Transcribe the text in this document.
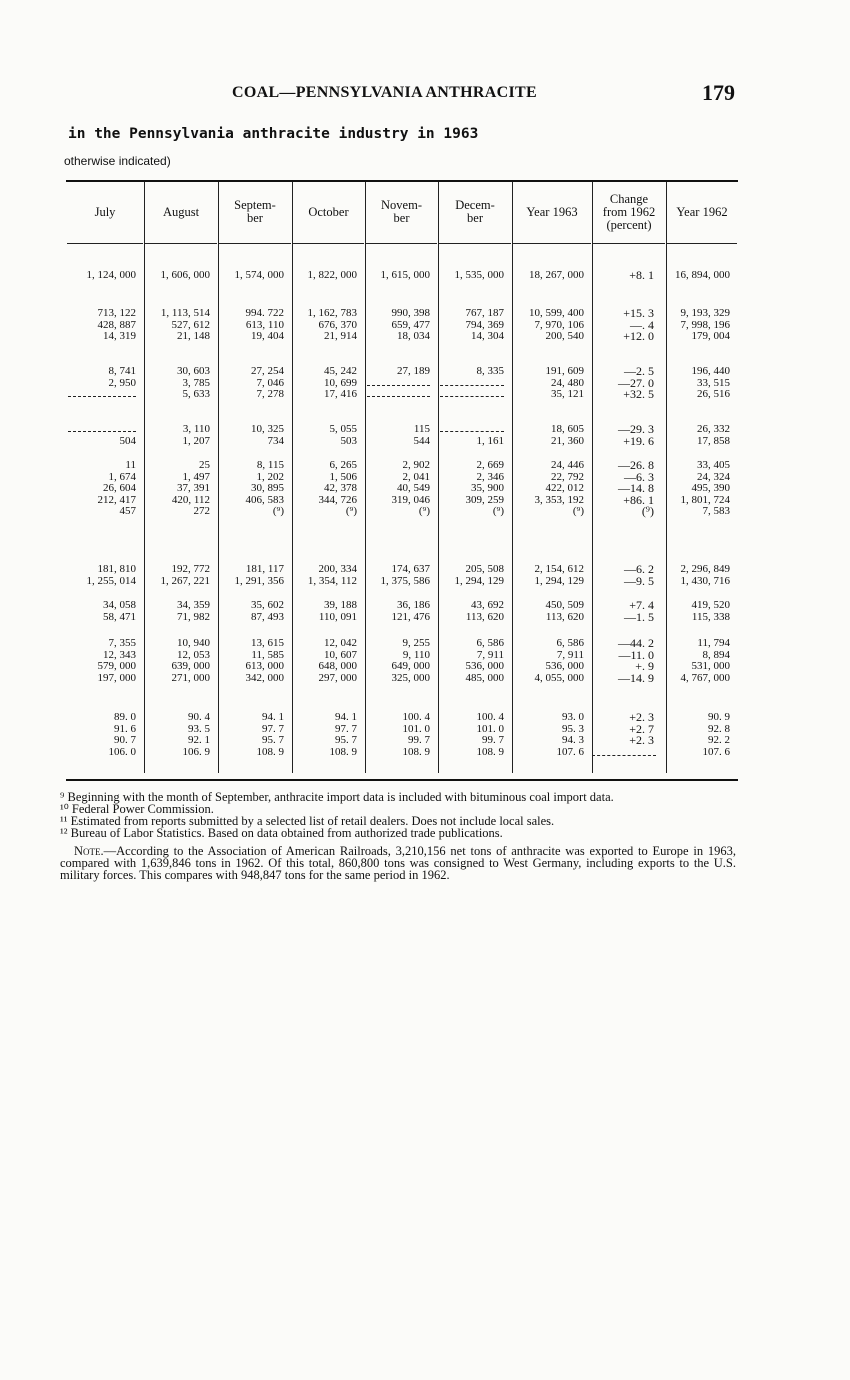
COAL—PENNSYLVANIA ANTHRACITE	179
in the Pennsylvania anthracite industry in 1963
otherwise indicated)
July
1, 124, 000
713, 122
428, 887
14, 319
8, 741
2, 950
504
11
1, 674
26, 604
212, 417
457
181, 810
1, 255, 014
34, 058
58, 471
7, 355
12, 343
579, 000
197, 000
89. 0
91. 6
90. 7
106. 0
August
1, 606, 000
1, 113, 514
527, 612
21, 148
30, 603
3, 785
5, 633
3, 110
1, 207
25
1, 497
37, 391
420, 112
272
192, 772
1, 267, 221
34, 359
71, 982
10, 940
12, 053
639, 000
271, 000
90. 4
93. 5
92. 1
106. 9
Septem-
ber
1, 574, 000
994. 722
613, 110
19, 404
27, 254
7, 046
7, 278
10, 325
734
8, 115
1, 202
30, 895
406, 583
(⁹)
181, 117
1, 291, 356
35, 602
87, 493
13, 615
11, 585
613, 000
342, 000
94. 1
97. 7
95. 7
108. 9
October
1, 822, 000
1, 162, 783
676, 370
21, 914
45, 242
10, 699
17, 416
5, 055
503
6, 265
1, 506
42, 378
344, 726
(⁹)
200, 334
1, 354, 112
39, 188
110, 091
12, 042
10, 607
648, 000
297, 000
94. 1
97. 7
95. 7
108. 9
Novem-
ber
1, 615, 000
990, 398
659, 477
18, 034
27, 189
115
544
2, 902
2, 041
40, 549
319, 046
(⁹)
174, 637
1, 375, 586
36, 186
121, 476
9, 255
9, 110
649, 000
325, 000
100. 4
101. 0
99. 7
108. 9
Decem-
ber
1, 535, 000
767, 187
794, 369
14, 304
8, 335
1, 161
2, 669
2, 346
35, 900
309, 259
(⁹)
205, 508
1, 294, 129
43, 692
113, 620
6, 586
7, 911
536, 000
485, 000
100. 4
101. 0
99. 7
108. 9
Year 1963
18, 267, 000
10, 599, 400
7, 970, 106
200, 540
191, 609
24, 480
35, 121
18, 605
21, 360
24, 446
22, 792
422, 012
3, 353, 192
(⁹)
2, 154, 612
1, 294, 129
450, 509
113, 620
6, 586
7, 911
536, 000
4, 055, 000
93. 0
95. 3
94. 3
107. 6
Change
from 1962
(percent)
+8. 1
+15. 3
—. 4
+12. 0
—2. 5
—27. 0
+32. 5
—29. 3
+19. 6
—26. 8
—6. 3
—14. 8
+86. 1
(⁹)
—6. 2
—9. 5
+7. 4
—1. 5
—44. 2
—11. 0
+. 9
—14. 9
+2. 3
+2. 7
+2. 3
Year 1962
16, 894, 000
9, 193, 329
7, 998, 196
179, 004
196, 440
33, 515
26, 516
26, 332
17, 858
33, 405
24, 324
495, 390
1, 801, 724
7, 583
2, 296, 849
1, 430, 716
419, 520
115, 338
11, 794
8, 894
531, 000
4, 767, 000
90. 9
92. 8
92. 2
107. 6

⁹ Beginning with the month of September, anthracite import data is included with bituminous coal import data.

¹⁰ Federal Power Commission.

¹¹ Estimated from reports submitted by a selected list of retail dealers. Does not include local sales.

¹² Bureau of Labor Statistics. Based on data obtained from authorized trade publications.

Note.—According to the Association of American Railroads, 3,210,156 net tons of anthracite was exported to Europe in 1963, compared with 1,639,846 tons in 1962. Of this total, 860,800 tons was consigned to West Germany, including exports to the U.S. military forces. This compares with 948,847 tons for the same period in 1962.
